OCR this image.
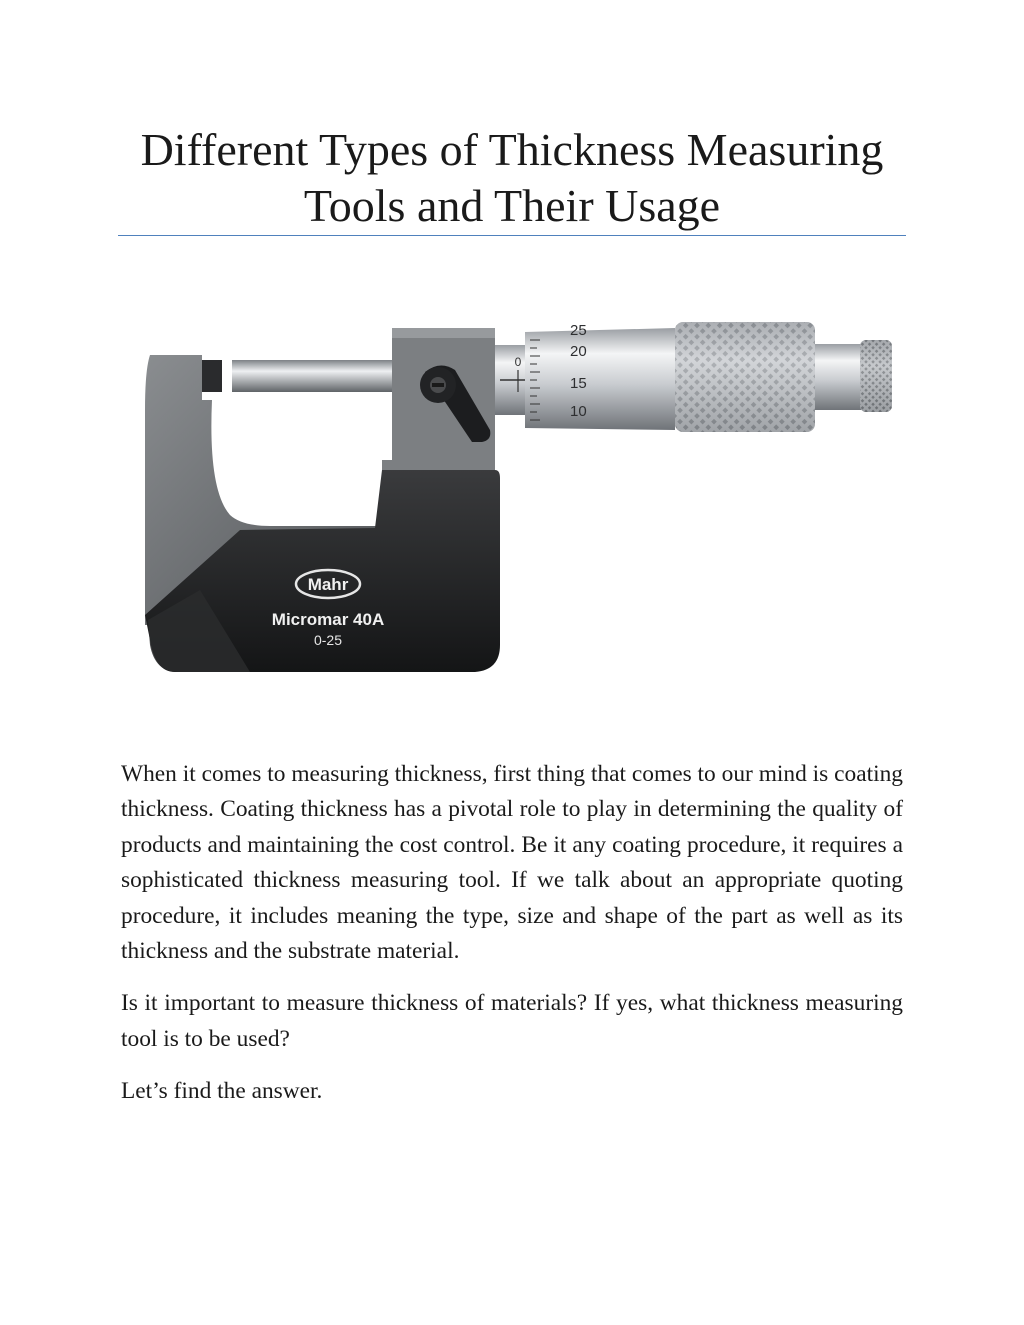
Different Types of Thickness Measuring
Tools and Their Usage
Mahr
Micromar 40A
0-25
0
25
20
15
10

When it comes to measuring thickness, first thing that comes to our mind is coating thickness. Coating thickness has a pivotal role to play in determining the quality of products and maintaining the cost control. Be it any coating procedure, it requires a sophisticated thickness measuring tool. If we talk about an appropriate quoting procedure, it includes meaning the type, size and shape of the part as well as its thickness and the substrate material.

Is it important to measure thickness of materials? If yes, what thickness measuring tool is to be used?

Let’s find the answer.
